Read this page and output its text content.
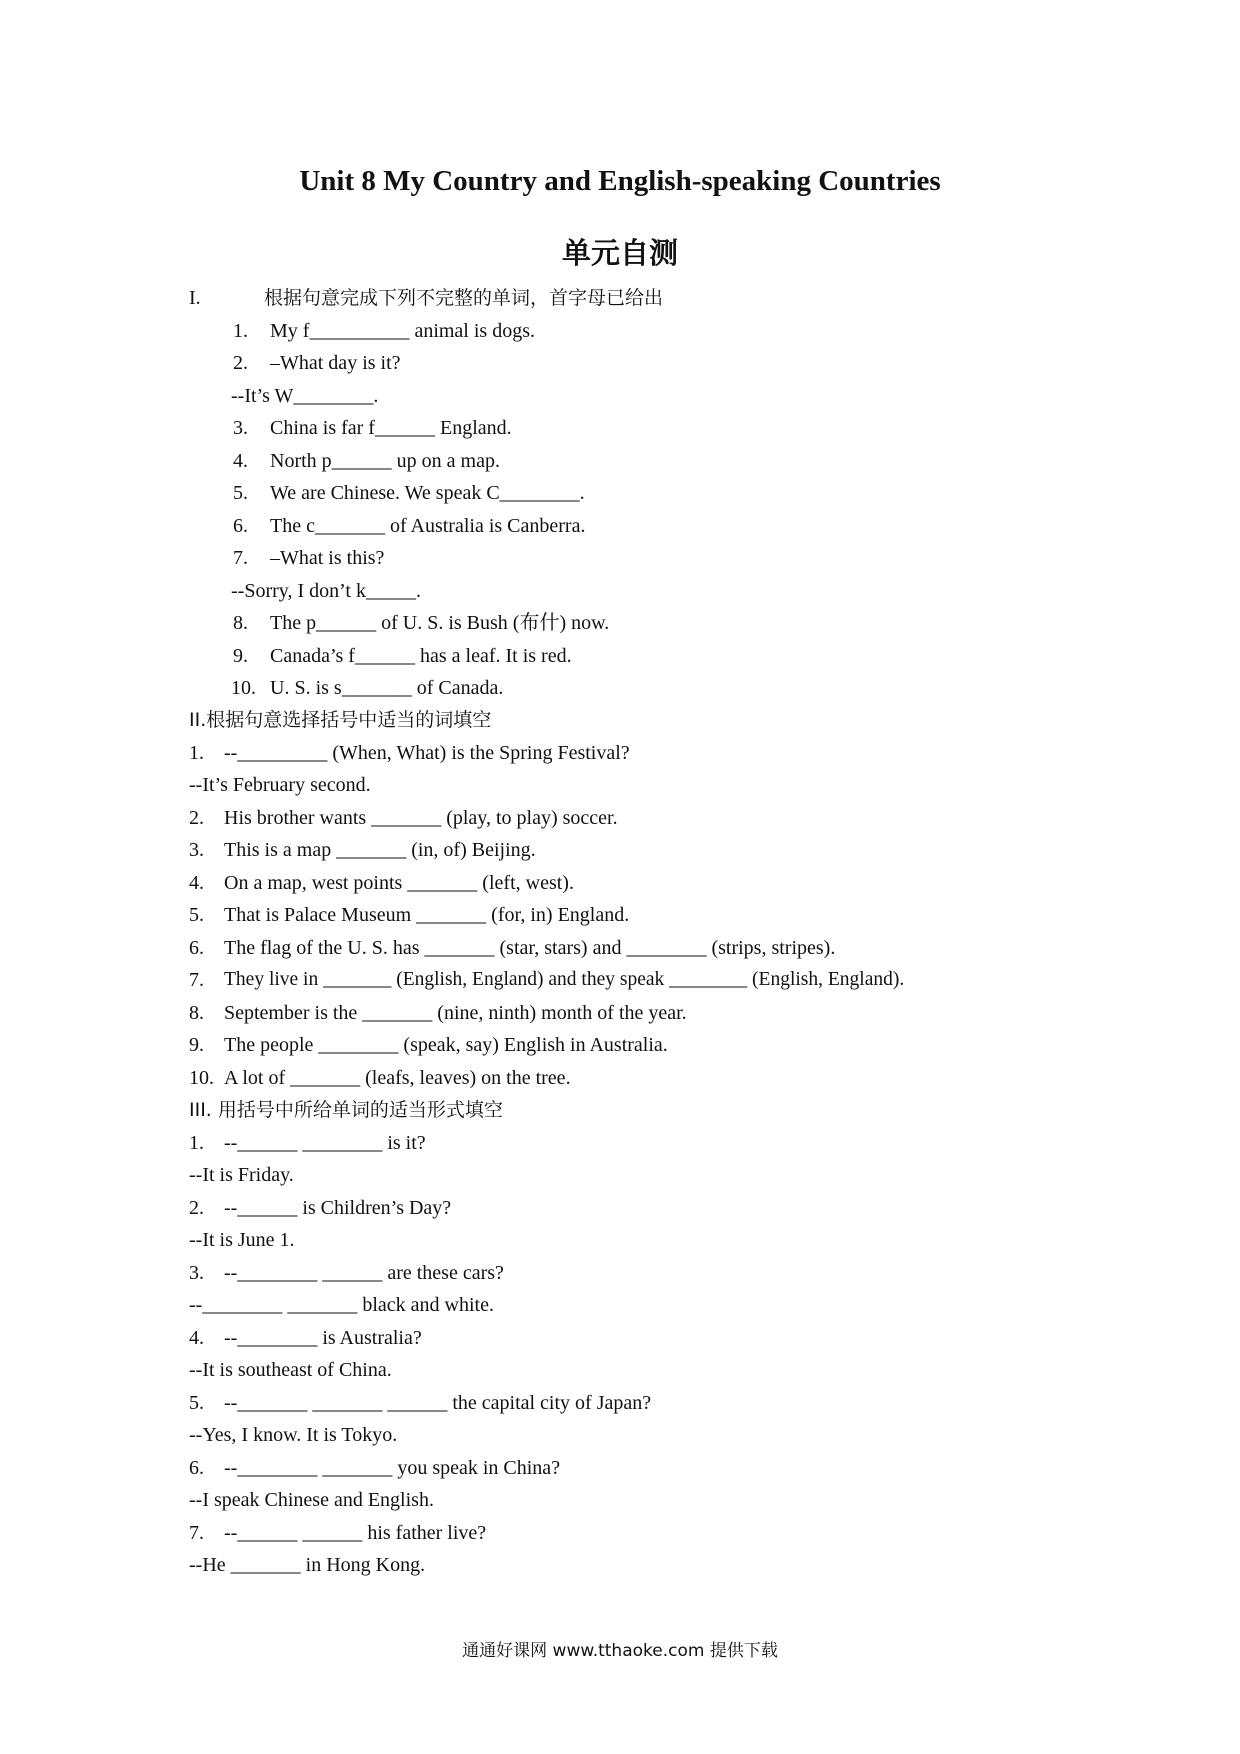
Unit 8 My Country and English-speaking Countries
单元自测
I.	根据句意完成下列不完整的单词，首字母已给出
1. My f__________ animal is dogs.
2. –What day is it?
--It’s W________.
3. China is far f______ England.
4. North p______ up on a map.
5. We are Chinese. We speak C________.
6. The c_______ of Australia is Canberra.
7. –What is this?
--Sorry, I don’t k_____.
8. The p______ of U. S. is Bush (布什) now.
9. Canada’s f______ has a leaf. It is red.
10. U. S. is s_______ of Canada.
II.根据句意选择括号中适当的词填空
1. --_________ (When, What) is the Spring Festival?
--It’s February second.
2. His brother wants _______ (play, to play) soccer.
3. This is a map _______ (in, of) Beijing.
4. On a map, west points _______ (left, west).
5. That is Palace Museum _______ (for, in) England.
6. The flag of the U. S. has _______ (star, stars) and ________ (strips, stripes).
7. They live in _______ (English, England) and they speak ________ (English, England).
8. September is the _______ (nine, ninth) month of the year.
9. The people ________ (speak, say) English in Australia.
10. A lot of _______ (leafs, leaves) on the tree.
III. 用括号中所给单词的适当形式填空
1. --______ ________ is it?
--It is Friday.
2. --______ is Children’s Day?
--It is June 1.
3. --________ ______ are these cars?
--________ _______ black and white.
4. --________ is Australia?
--It is southeast of China.
5. --_______ _______ ______ the capital city of Japan?
--Yes, I know. It is Tokyo.
6. --________ _______ you speak in China?
--I speak Chinese and English.
7. --______ ______ his father live?
--He _______ in Hong Kong.
通通好课网 www.tthaoke.com 提供下载
